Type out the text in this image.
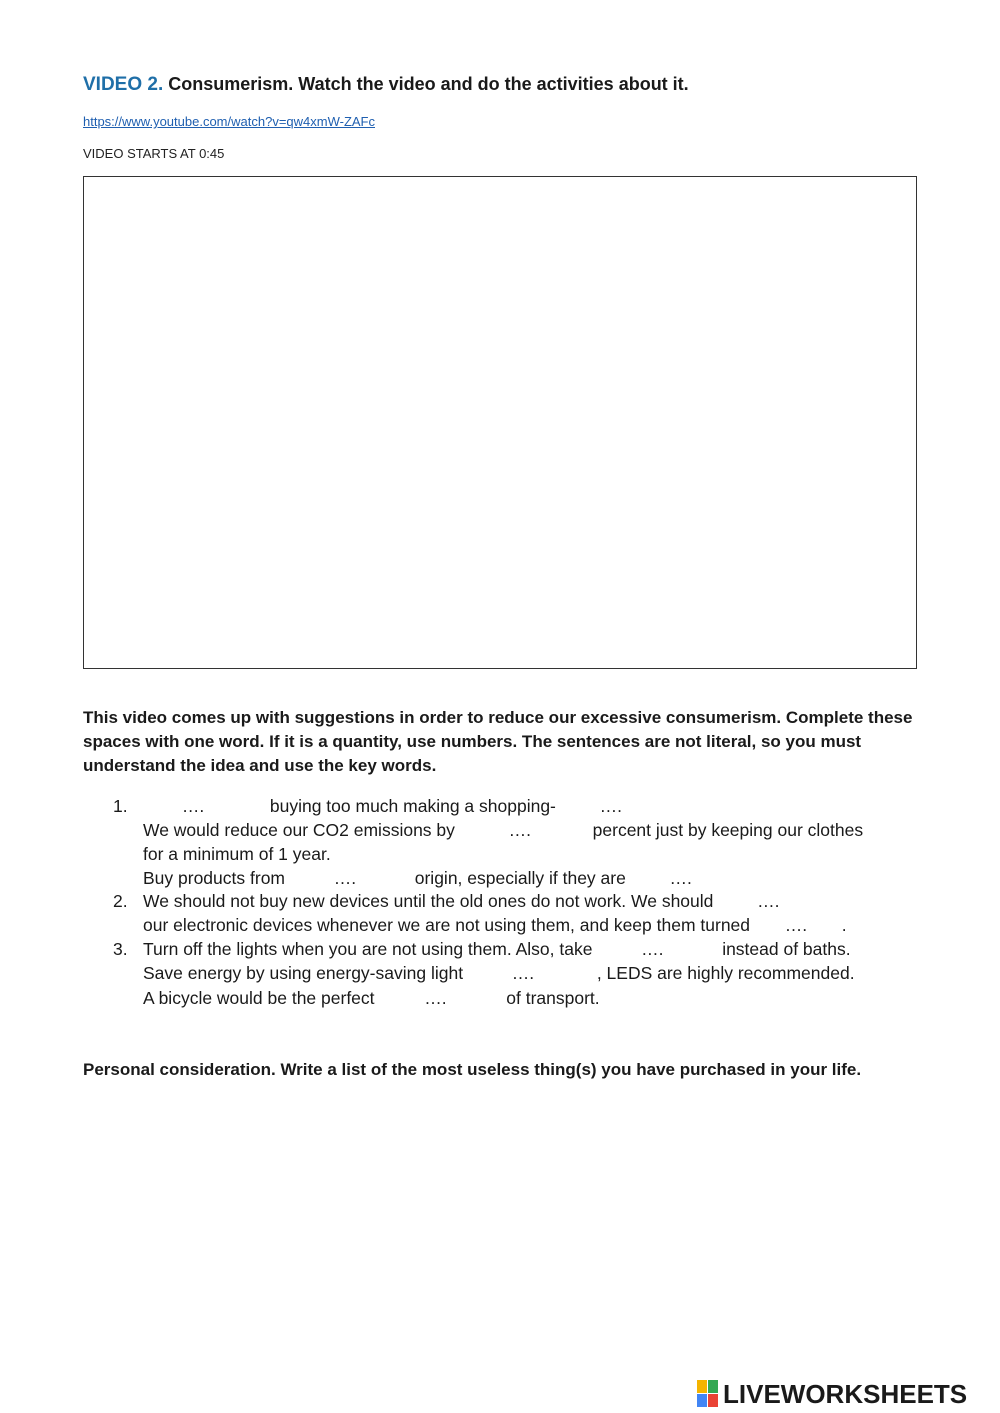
VIDEO 2. Consumerism. Watch the video and do the activities about it.
https://www.youtube.com/watch?v=qw4xmW-ZAFc
VIDEO STARTS AT 0:45
This video comes up with suggestions in order to reduce our excessive consumerism. Complete these spaces with one word. If it is a quantity, use numbers. The sentences are not literal, so you must understand the idea and use the key words.
1.
2.
3.
….	buying too much making a shopping- ….
We would reduce our CO2 emissions by	….	percent just by keeping our clothes
for a minimum of 1 year.
Buy products from	….	origin, especially if they are ….
We should not buy new devices until the old ones do not work. We should ….
our electronic devices whenever we are not using them, and keep them turned …. .
Turn off the lights when you are not using them. Also, take	….	instead of baths.
Save energy by using energy-saving light	….	, LEDS are highly recommended.
A bicycle would be the perfect	….	of transport.
Personal consideration. Write a list of the most useless thing(s) you have purchased in your life.
LIVEWORKSHEETS
